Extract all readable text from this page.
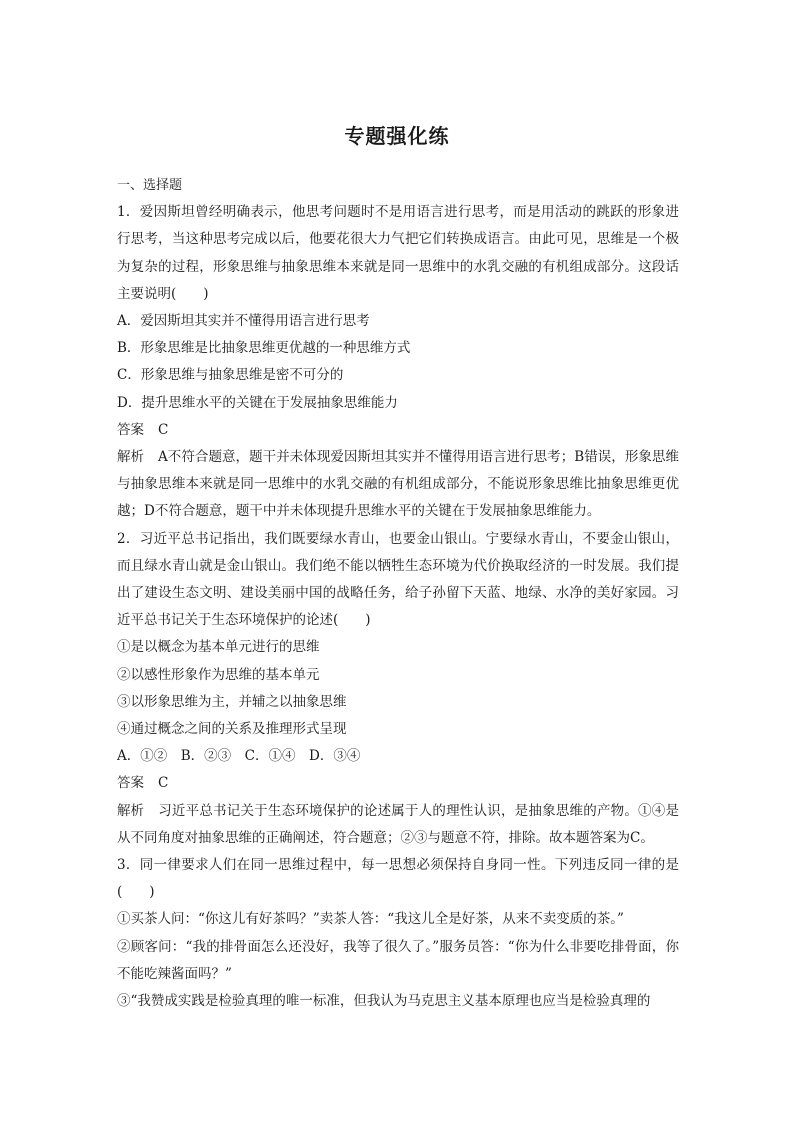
专题强化练

一、选择题

1．爱因斯坦曾经明确表示，他思考问题时不是用语言进行思考，而是用活动的跳跃的形象进行思考，当这种思考完成以后，他要花很大力气把它们转换成语言。由此可见，思维是一个极为复杂的过程，形象思维与抽象思维本来就是同一思维中的水乳交融的有机组成部分。这段话主要说明(　　)

A．爱因斯坦其实并不懂得用语言进行思考

B．形象思维是比抽象思维更优越的一种思维方式

C．形象思维与抽象思维是密不可分的

D．提升思维水平的关键在于发展抽象思维能力

答案 C

解析 A不符合题意，题干并未体现爱因斯坦其实并不懂得用语言进行思考；B错误，形象思维与抽象思维本来就是同一思维中的水乳交融的有机组成部分，不能说形象思维比抽象思维更优越；D不符合题意，题干中并未体现提升思维水平的关键在于发展抽象思维能力。

2．习近平总书记指出，我们既要绿水青山，也要金山银山。宁要绿水青山，不要金山银山，而且绿水青山就是金山银山。我们绝不能以牺牲生态环境为代价换取经济的一时发展。我们提出了建设生态文明、建设美丽中国的战略任务，给子孙留下天蓝、地绿、水净的美好家园。习近平总书记关于生态环境保护的论述(　　)

①是以概念为基本单元进行的思维

②以感性形象作为思维的基本单元

③以形象思维为主，并辅之以抽象思维

④通过概念之间的关系及推理形式呈现

A．①②　B．②③　C．①④　D．③④

答案 C

解析 习近平总书记关于生态环境保护的论述属于人的理性认识，是抽象思维的产物。①④是从不同角度对抽象思维的正确阐述，符合题意；②③与题意不符，排除。故本题答案为C。

3．同一律要求人们在同一思维过程中，每一思想必须保持自身同一性。下列违反同一律的是(　　)

①买茶人问：“你这儿有好茶吗？”卖茶人答：“我这儿全是好茶，从来不卖变质的茶。”

②顾客问：“我的排骨面怎么还没好，我等了很久了。”服务员答：“你为什么非要吃排骨面，你不能吃辣酱面吗？”

③“我赞成实践是检验真理的唯一标准，但我认为马克思主义基本原理也应当是检验真理的
